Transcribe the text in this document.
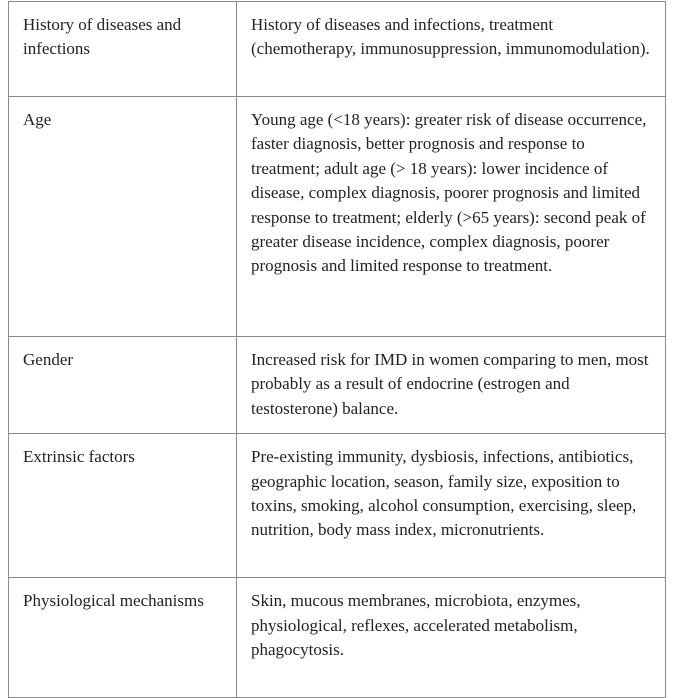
History of diseases and infections	History of diseases and infections, treatment (chemotherapy, immunosuppression, immunomodulation).
Age	Young age (<18 years): greater risk of disease occurrence, faster diagnosis, better prognosis and response to treatment; adult age (> 18 years): lower incidence of disease, complex diagnosis, poorer prognosis and limited response to treatment; elderly (>65 years): second peak of greater disease incidence, complex diagnosis, poorer prognosis and limited response to treatment.
Gender	Increased risk for IMD in women comparing to men, most probably as a result of endocrine (estrogen and testosterone) balance.
Extrinsic factors	Pre-existing immunity, dysbiosis, infections, antibiotics, geographic location, season, family size, exposition to toxins, smoking, alcohol consumption, exercising, sleep, nutrition, body mass index, micronutrients.
Physiological mechanisms	Skin, mucous membranes, microbiota, enzymes, physiological, reflexes, accelerated metabolism, phagocytosis.
